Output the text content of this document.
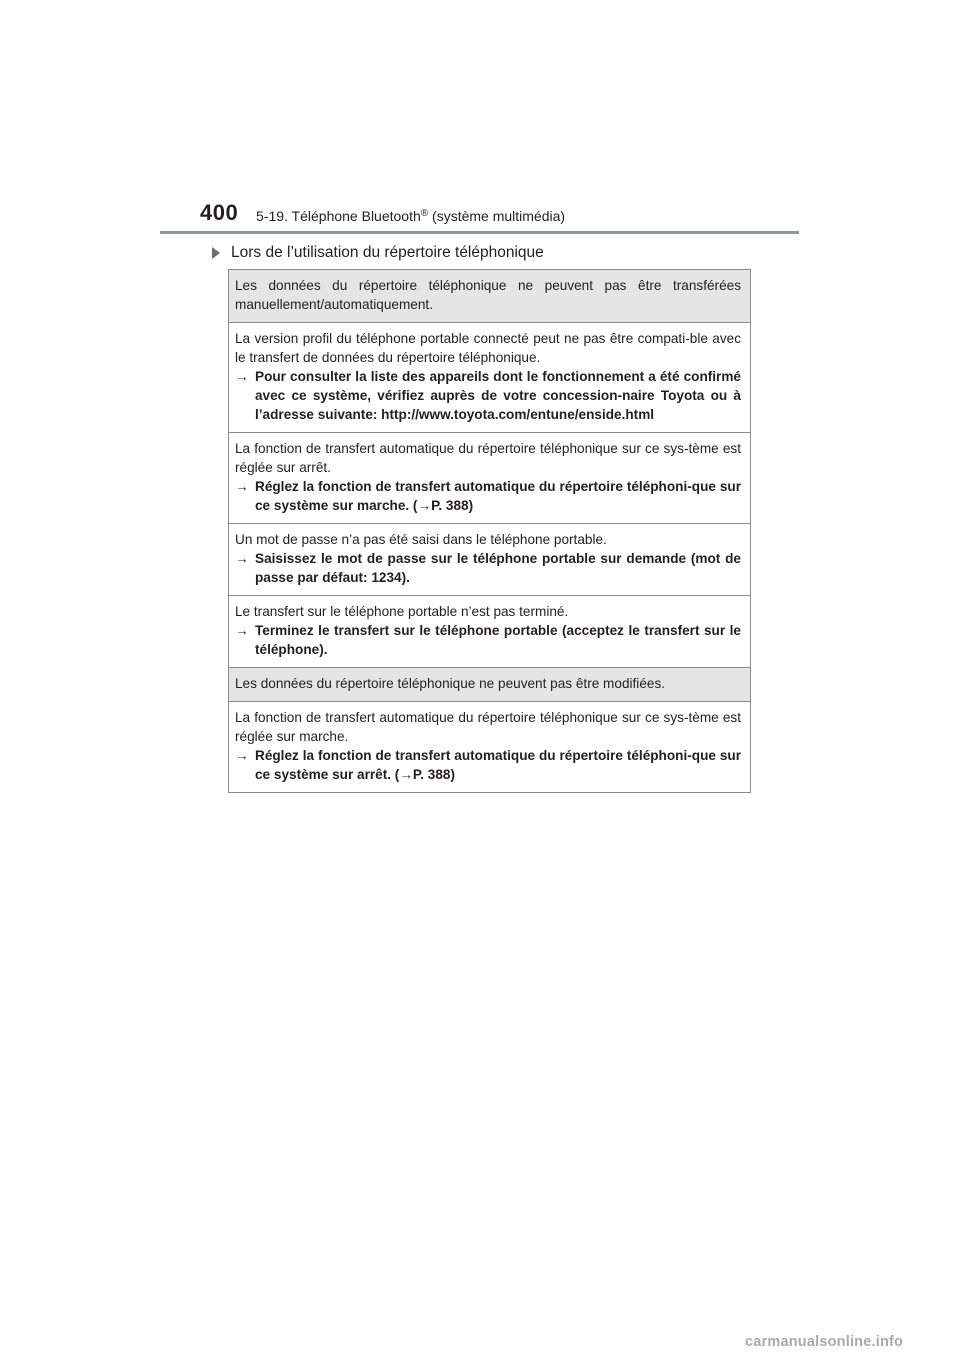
400 5-19. Téléphone Bluetooth® (système multimédia)
Lors de l’utilisation du répertoire téléphonique
Les données du répertoire téléphonique ne peuvent pas être transférées manuellement/automatiquement.
La version profil du téléphone portable connecté peut ne pas être compati-ble avec le transfert de données du répertoire téléphonique.
→ Pour consulter la liste des appareils dont le fonctionnement a été confirmé avec ce système, vérifiez auprès de votre concession-naire Toyota ou à l’adresse suivante: http://www.toyota.com/entune/enside.html
La fonction de transfert automatique du répertoire téléphonique sur ce sys-tème est réglée sur arrêt.
→ Réglez la fonction de transfert automatique du répertoire téléphoni-que sur ce système sur marche. (→P. 388)
Un mot de passe n’a pas été saisi dans le téléphone portable.
→ Saisissez le mot de passe sur le téléphone portable sur demande (mot de passe par défaut: 1234).
Le transfert sur le téléphone portable n’est pas terminé.
→ Terminez le transfert sur le téléphone portable (acceptez le transfert sur le téléphone).
Les données du répertoire téléphonique ne peuvent pas être modifiées.
La fonction de transfert automatique du répertoire téléphonique sur ce sys-tème est réglée sur marche.
→ Réglez la fonction de transfert automatique du répertoire téléphoni-que sur ce système sur arrêt. (→P. 388)
carmanualsonline.info
